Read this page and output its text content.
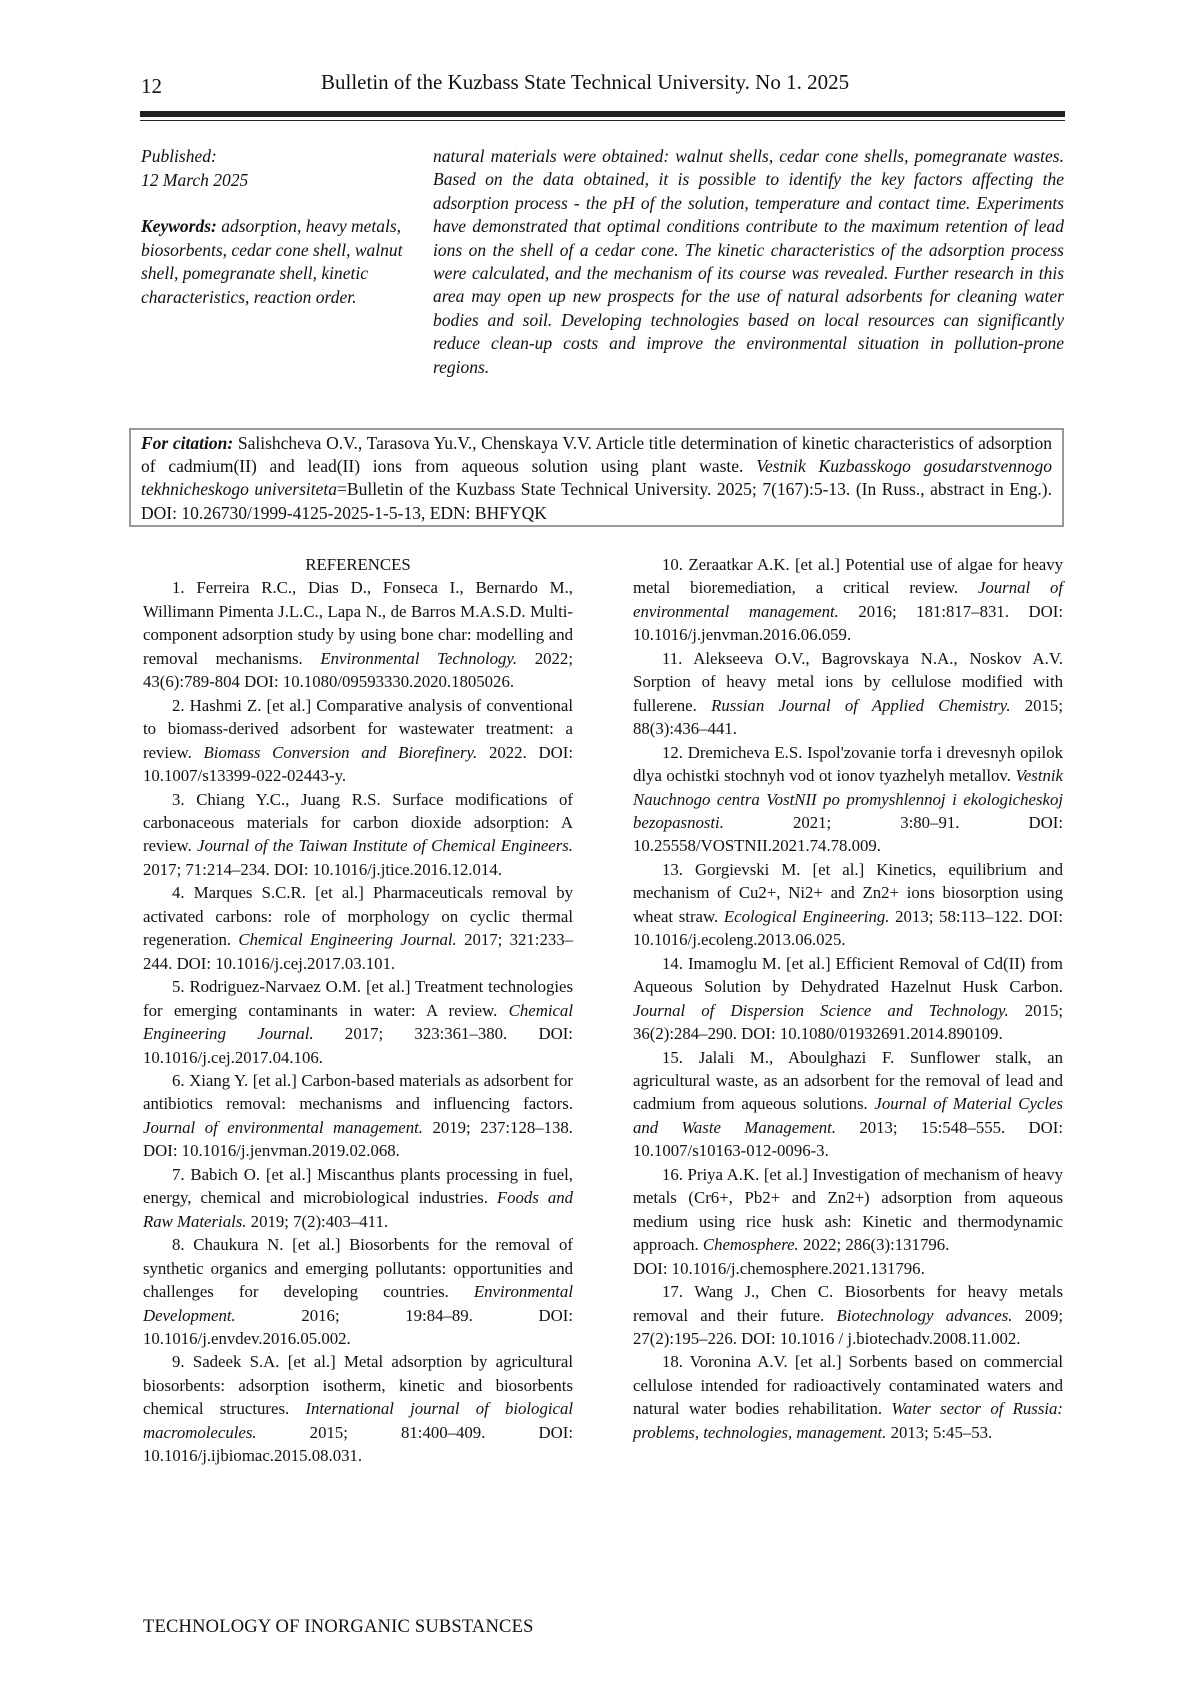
12	Bulletin of the Kuzbass State Technical University. No 1. 2025

Published:

12 March 2025

Keywords: adsorption, heavy metals, biosorbents, cedar cone shell, walnut shell, pomegranate shell, kinetic characteristics, reaction order.

natural materials were obtained: walnut shells, cedar cone shells, pomegranate wastes. Based on the data obtained, it is possible to identify the key factors affecting the adsorption process - the pH of the solution, temperature and contact time. Experiments have demonstrated that optimal conditions contribute to the maximum retention of lead ions on the shell of a cedar cone. The kinetic characteristics of the adsorption process were calculated, and the mechanism of its course was revealed. Further research in this area may open up new prospects for the use of natural adsorbents for cleaning water bodies and soil. Developing technologies based on local resources can significantly reduce clean-up costs and improve the environmental situation in pollution-prone regions.

For citation: Salishcheva O.V., Tarasova Yu.V., Chenskaya V.V. Article title determination of kinetic characteristics of adsorption of cadmium(II) and lead(II) ions from aqueous solution using plant waste. Vestnik Kuzbasskogo gosudarstvennogo tekhnicheskogo universiteta=Bulletin of the Kuzbass State Technical University. 2025; 7(167):5-13. (In Russ., abstract in Eng.). DOI: 10.26730/1999-4125-2025-1-5-13, EDN: BHFYQK

REFERENCES

1. Ferreira R.C., Dias D., Fonseca I., Bernardo M., Willimann Pimenta J.L.C., Lapa N., de Barros M.A.S.D. Multi-component adsorption study by using bone char: modelling and removal mechanisms. Environmental Technology. 2022; 43(6):789-804 DOI: 10.1080/09593330.2020.1805026.

2. Hashmi Z. [et al.] Comparative analysis of conventional to biomass-derived adsorbent for wastewater treatment: a review. Biomass Conversion and Biorefinery. 2022. DOI: 10.1007/s13399-022-02443-y.

3. Chiang Y.C., Juang R.S. Surface modifications of carbonaceous materials for carbon dioxide adsorption: A review. Journal of the Taiwan Institute of Chemical Engineers. 2017; 71:214–234. DOI: 10.1016/j.jtice.2016.12.014.

4. Marques S.C.R. [et al.] Pharmaceuticals removal by activated carbons: role of morphology on cyclic thermal regeneration. Chemical Engineering Journal. 2017; 321:233–244. DOI: 10.1016/j.cej.2017.03.101.

5. Rodriguez-Narvaez O.M. [et al.] Treatment technologies for emerging contaminants in water: A review. Chemical Engineering Journal. 2017; 323:361–380. DOI: 10.1016/j.cej.2017.04.106.

6. Xiang Y. [et al.] Carbon-based materials as adsorbent for antibiotics removal: mechanisms and influencing factors. Journal of environmental management. 2019; 237:128–138. DOI: 10.1016/j.jenvman.2019.02.068.

7. Babich O. [et al.] Miscanthus plants processing in fuel, energy, chemical and microbiological industries. Foods and Raw Materials. 2019; 7(2):403–411.

8. Chaukura N. [et al.] Biosorbents for the removal of synthetic organics and emerging pollutants: opportunities and challenges for developing countries. Environmental Development. 2016; 19:84–89. DOI: 10.1016/j.envdev.2016.05.002.

9. Sadeek S.A. [et al.] Metal adsorption by agricultural biosorbents: adsorption isotherm, kinetic and biosorbents chemical structures. International journal of biological macromolecules. 2015; 81:400–409. DOI: 10.1016/j.ijbiomac.2015.08.031.

10. Zeraatkar A.K. [et al.] Potential use of algae for heavy metal bioremediation, a critical review. Journal of environmental management. 2016; 181:817–831. DOI: 10.1016/j.jenvman.2016.06.059.

11. Alekseeva O.V., Bagrovskaya N.A., Noskov A.V. Sorption of heavy metal ions by cellulose modified with fullerene. Russian Journal of Applied Chemistry. 2015; 88(3):436–441.

12. Dremicheva E.S. Ispol'zovanie torfa i drevesnyh opilok dlya ochistki stochnyh vod ot ionov tyazhelyh metallov. Vestnik Nauchnogo centra VostNII po promyshlennoj i ekologicheskoj bezopasnosti. 2021; 3:80–91. DOI: 10.25558/VOSTNII.2021.74.78.009.

13. Gorgievski M. [et al.] Kinetics, equilibrium and mechanism of Cu2+, Ni2+ and Zn2+ ions biosorption using wheat straw. Ecological Engineering. 2013; 58:113–122. DOI: 10.1016/j.ecoleng.2013.06.025.

14. Imamoglu M. [et al.] Efficient Removal of Cd(II) from Aqueous Solution by Dehydrated Hazelnut Husk Carbon. Journal of Dispersion Science and Technology. 2015; 36(2):284–290. DOI: 10.1080/01932691.2014.890109.

15. Jalali M., Aboulghazi F. Sunflower stalk, an agricultural waste, as an adsorbent for the removal of lead and cadmium from aqueous solutions. Journal of Material Cycles and Waste Management. 2013; 15:548–555. DOI: 10.1007/s10163-012-0096-3.

16. Priya A.K. [et al.] Investigation of mechanism of heavy metals (Cr6+, Pb2+ and Zn2+) adsorption from aqueous medium using rice husk ash: Kinetic and thermodynamic approach. Chemosphere. 2022; 286(3):131796.
DOI: 10.1016/j.chemosphere.2021.131796.

17. Wang J., Chen C. Biosorbents for heavy metals removal and their future. Biotechnology advances. 2009; 27(2):195–226. DOI: 10.1016 / j.biotechadv.2008.11.002.

18. Voronina A.V. [et al.] Sorbents based on commercial cellulose intended for radioactively contaminated waters and natural water bodies rehabilitation. Water sector of Russia: problems, technologies, management. 2013; 5:45–53.

TECHNOLOGY OF INORGANIC SUBSTANCES
